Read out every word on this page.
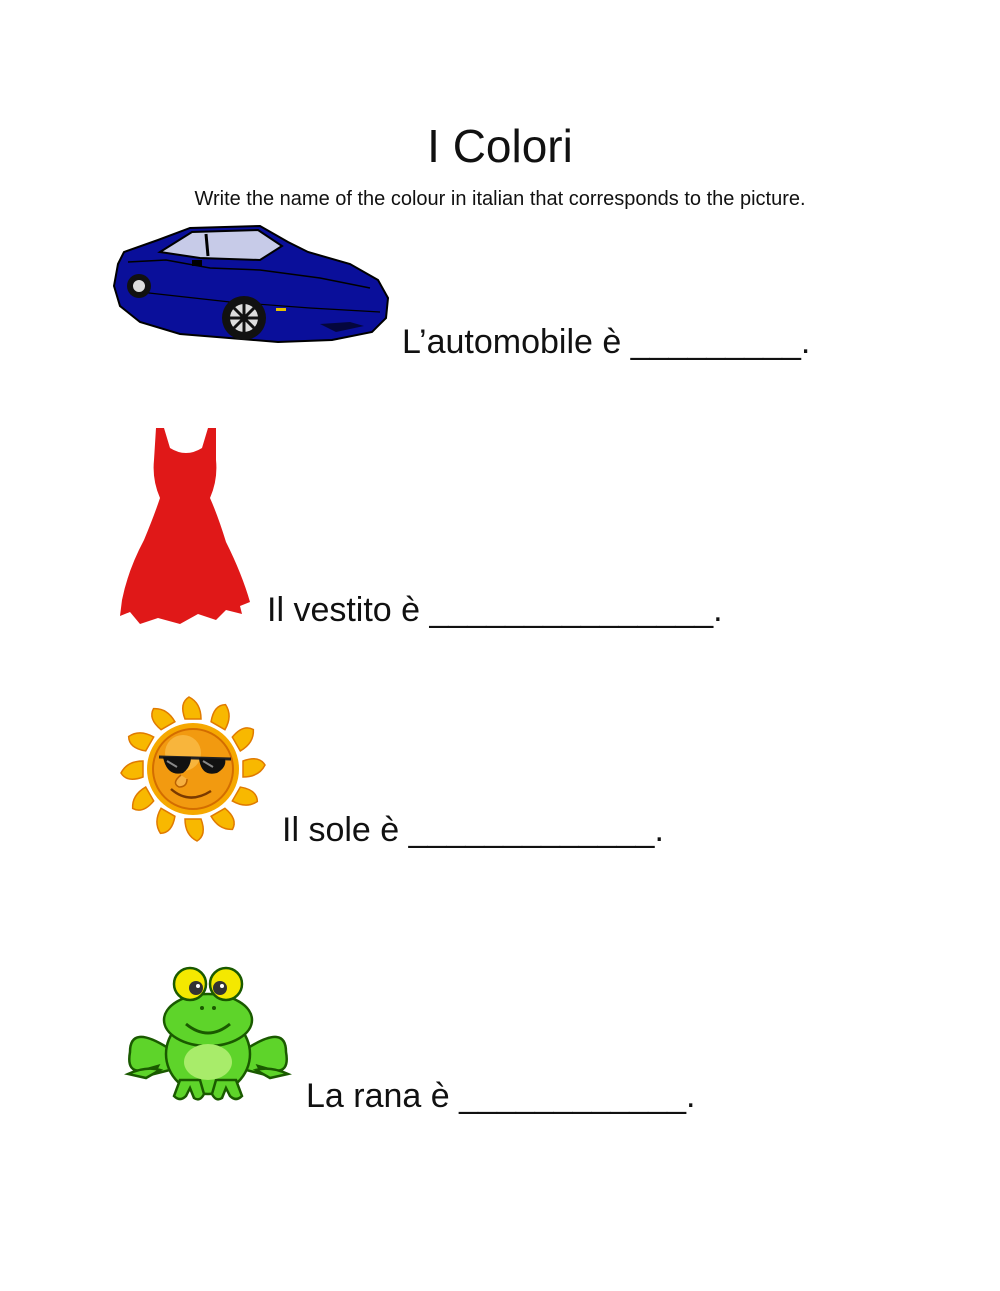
I Colori
Write the name of the colour in italian that corresponds to the picture.
L’automobile è _________.
Il vestito è _______________.
Il sole è _____________.
La rana è ____________.
